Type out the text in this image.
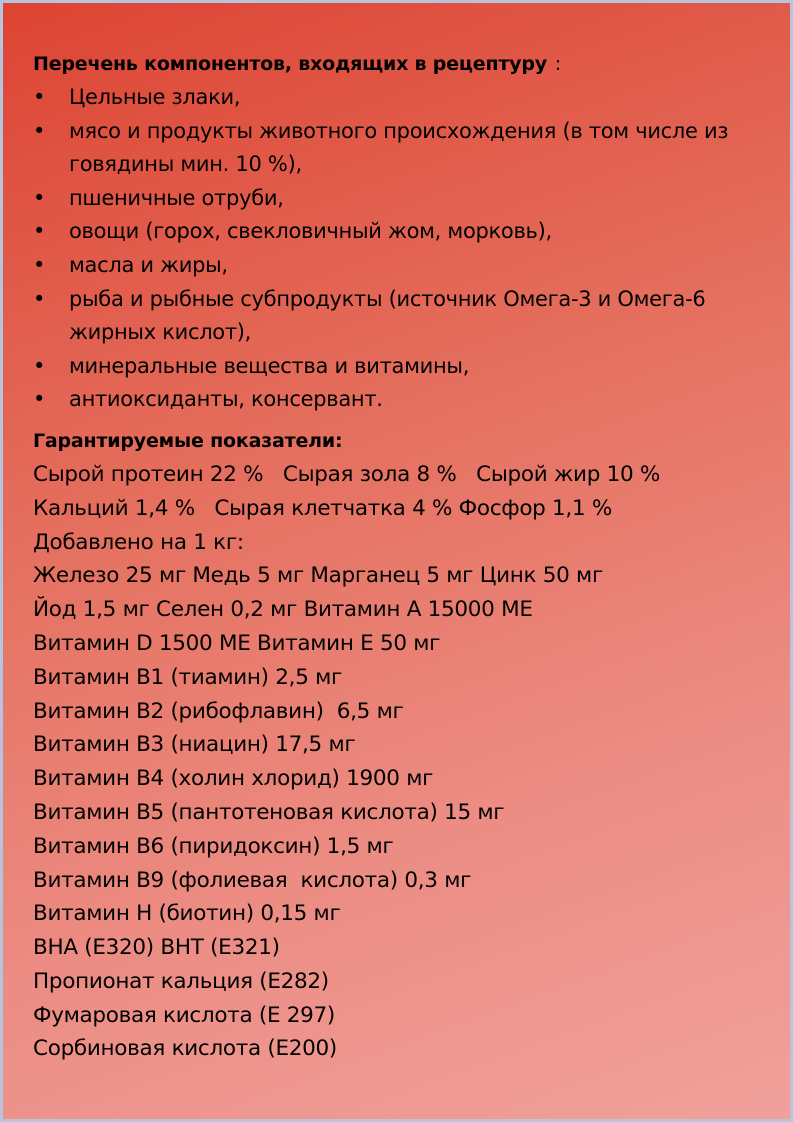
Перечень компонентов, входящих в рецептуру :
•	Цельные злаки,
•	мясо и продукты животного происхождения (в том числе из говядины мин. 10 %),
•	пшеничные отруби,
•	овощи (горох, свекловичный жом, морковь),
•	масла и жиры,
•	рыба и рыбные субпродукты (источник Омега-3 и Омега-6 жирных кислот),
•	минеральные вещества и витамины,
•	антиоксиданты, консервант.
Гарантируемые показатели:
Сырой протеин 22 %   Сырая зола 8 %   Сырой жир 10 %
Кальций 1,4 %   Сырая клетчатка 4 % Фосфор 1,1 %
Добавлено на 1 кг:
Железо 25 мг Медь 5 мг Марганец 5 мг Цинк 50 мг
Йод 1,5 мг Селен 0,2 мг Витамин А 15000 МЕ
Витамин D 1500 МЕ Витамин Е 50 мг
Витамин В1 (тиамин) 2,5 мг
Витамин В2 (рибофлавин)  6,5 мг
Витамин В3 (ниацин) 17,5 мг
Витамин В4 (холин хлорид) 1900 мг
Витамин В5 (пантотеновая кислота) 15 мг
Витамин В6 (пиридоксин) 1,5 мг
Витамин В9 (фолиевая  кислота) 0,3 мг
Витамин Н (биотин) 0,15 мг
ВНА (Е320) ВНТ (Е321)
Пропионат кальция (Е282)
Фумаровая кислота (Е 297)
Сорбиновая кислота (Е200)
